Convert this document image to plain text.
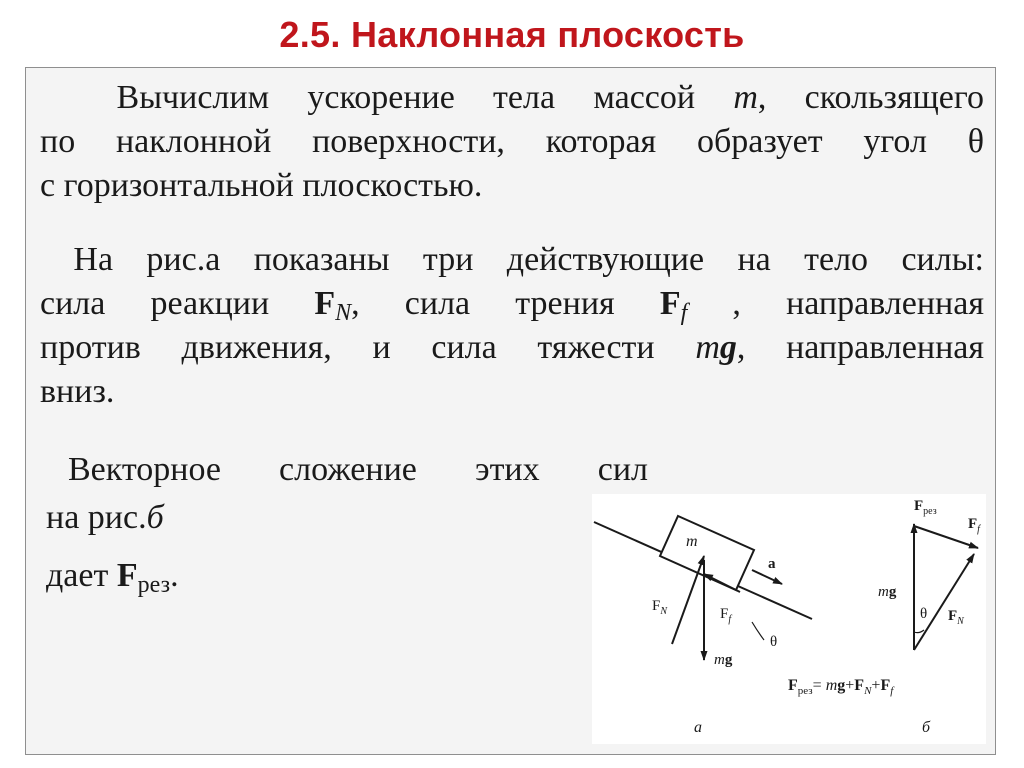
2.5. Наклонная плоскость
Вычислим ускорение тела массой m, скользящего
по наклонной поверхности, которая образует угол θ
с горизонтальной плоскостью.
На рис.а показаны три действующие на тело силы:
сила реакции $F_N$, сила трения $F_f$ , направленная
против движения, и сила тяжести mg, направленная
вниз.
Векторное сложение этих сил
на рис.б
дает $F_{рез}$.
m
a
$F_N$	$F_f$
mg
θ
а
$F_{рез}$
$F_f$
mg
θ $F_N$
б
$F_{рез}= mg+F_N+F_f$
